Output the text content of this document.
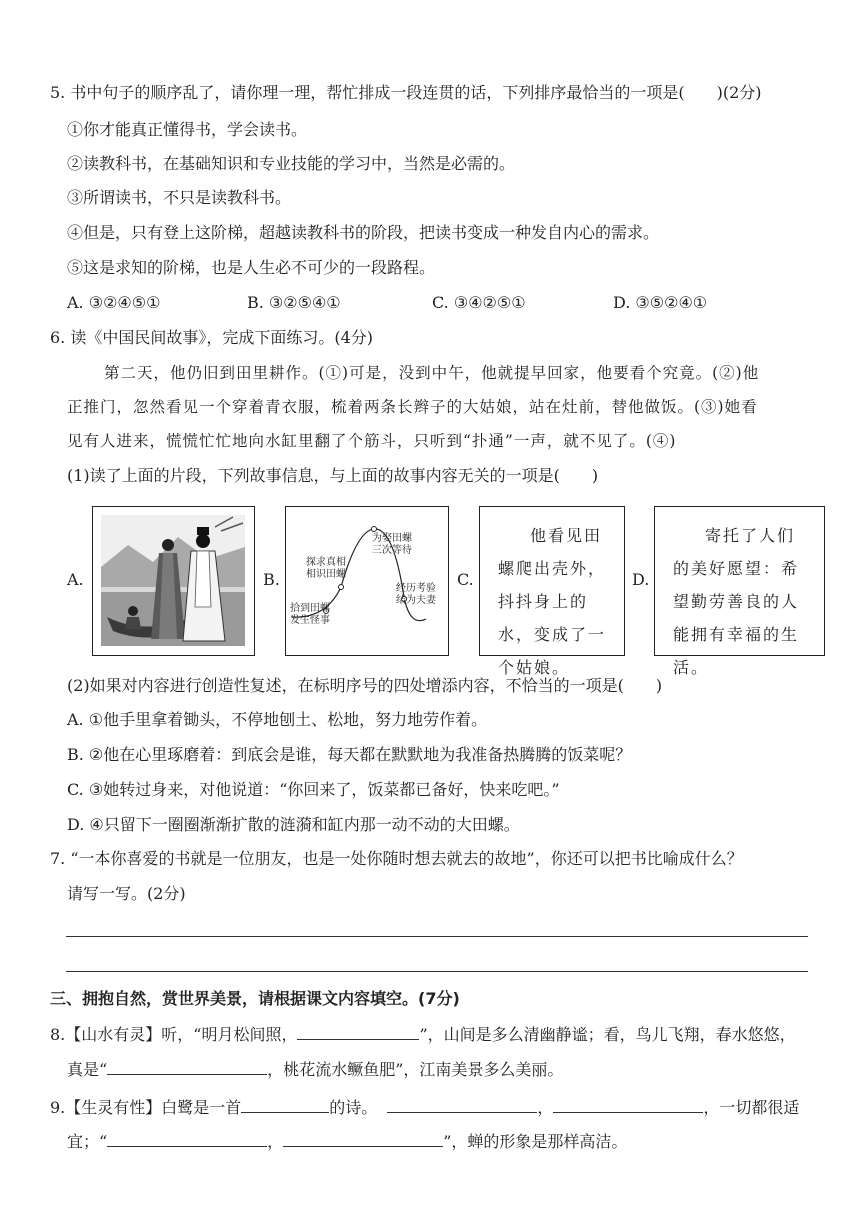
5. 书中句子的顺序乱了，请你理一理，帮忙排成一段连贯的话，下列排序最恰当的一项是(　　)(2分)
①你才能真正懂得书，学会读书。
②读教科书，在基础知识和专业技能的学习中，当然是必需的。
③所谓读书，不只是读教科书。
④但是，只有登上这阶梯，超越读教科书的阶段，把读书变成一种发自内心的需求。
⑤这是求知的阶梯，也是人生必不可少的一段路程。
A. ③②④⑤①	B. ③②⑤④①	C. ③④②⑤①	D. ③⑤②④①
6. 读《中国民间故事》，完成下面练习。(4分)
第二天，他仍旧到田里耕作。(①)可是，没到中午，他就提早回家，他要看个究竟。(②)他
正推门，忽然看见一个穿着青衣服，梳着两条长辫子的大姑娘，站在灶前，替他做饭。(③)她看
见有人进来，慌慌忙忙地向水缸里翻了个筋斗，只听到“扑通”一声，就不见了。(④)
(1)读了上面的片段，下列故事信息，与上面的故事内容无关的一项是(　　)
A.	B.	C.	D.
探求真相
相识田螺
为娶田螺
三次等待
拾到田螺
发生怪事
经历考验
结为夫妻
他看见田螺爬出壳外，抖抖身上的水，变成了一个姑娘。
寄托了人们的美好愿望：希望勤劳善良的人能拥有幸福的生活。
(2)如果对内容进行创造性复述，在标明序号的四处增添内容，不恰当的一项是(　　)
A. ①他手里拿着锄头，不停地刨土、松地，努力地劳作着。
B. ②他在心里琢磨着：到底会是谁，每天都在默默地为我准备热腾腾的饭菜呢？
C. ③她转过身来，对他说道：“你回来了，饭菜都已备好，快来吃吧。”
D. ④只留下一圈圈渐渐扩散的涟漪和缸内那一动不动的大田螺。
7. “一本你喜爱的书就是一位朋友，也是一处你随时想去就去的故地”，你还可以把书比喻成什么？
请写一写。(2分)
三、拥抱自然，赏世界美景，请根据课文内容填空。(7分)
8.【山水有灵】听，“明月松间照，	”，山间是多么清幽静谧；看，鸟儿飞翔，春水悠悠，
真是“	，桃花流水鳜鱼肥”，江南美景多么美丽。
9.【生灵有性】白鹭是一首	的诗。	，	，一切都很适
宜；“	，	”，蝉的形象是那样高洁。
